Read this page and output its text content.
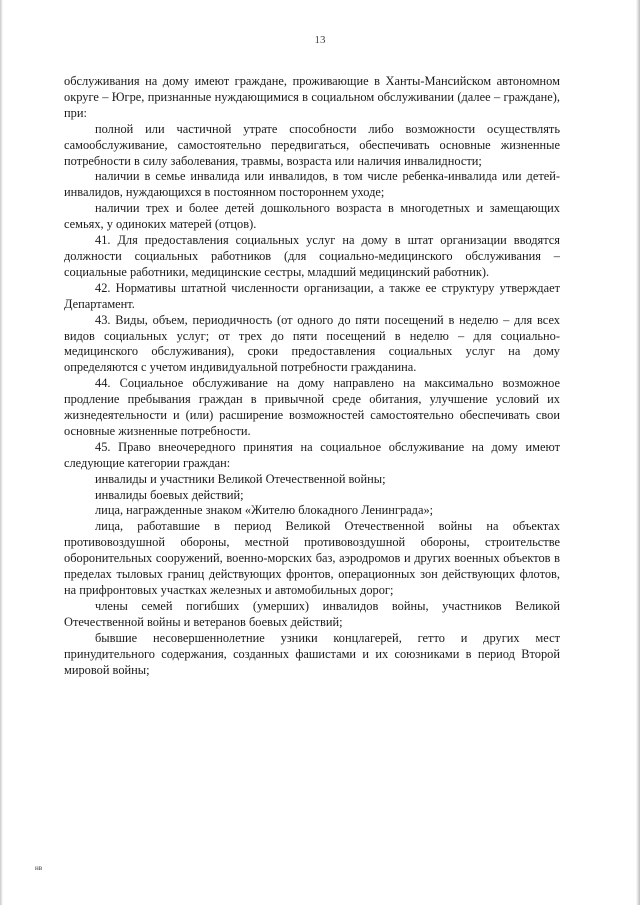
13

обслуживания на дому имеют граждане, проживающие в Ханты-Мансийском автономном округе – Югре, признанные нуждающимися в социальном обслуживании (далее – граждане), при:

полной или частичной утрате способности либо возможности осуществлять самообслуживание, самостоятельно передвигаться, обеспечивать основные жизненные потребности в силу заболевания, травмы, возраста или наличия инвалидности;

наличии в семье инвалида или инвалидов, в том числе ребенка-инвалида или детей-инвалидов, нуждающихся в постоянном постороннем уходе;

наличии трех и более детей дошкольного возраста в многодетных и замещающих семьях, у одиноких матерей (отцов).

41. Для предоставления социальных услуг на дому в штат организации вводятся должности социальных работников (для социально-медицинского обслуживания – социальные работники, медицинские сестры, младший медицинский работник).

42. Нормативы штатной численности организации, а также ее структуру утверждает Департамент.

43. Виды, объем, периодичность (от одного до пяти посещений в неделю – для всех видов социальных услуг; от трех до пяти посещений в неделю – для социально-медицинского обслуживания), сроки предоставления социальных услуг на дому определяются с учетом индивидуальной потребности гражданина.

44. Социальное обслуживание на дому направлено на максимально возможное продление пребывания граждан в привычной среде обитания, улучшение условий их жизнедеятельности и (или) расширение возможностей самостоятельно обеспечивать свои основные жизненные потребности.

45. Право внеочередного принятия на социальное обслуживание на дому имеют следующие категории граждан:

инвалиды и участники Великой Отечественной войны;

инвалиды боевых действий;

лица, награжденные знаком «Жителю блокадного Ленинграда»;

лица, работавшие в период Великой Отечественной войны на объектах противовоздушной обороны, местной противовоздушной обороны, строительстве оборонительных сооружений, военно-морских баз, аэродромов и других военных объектов в пределах тыловых границ действующих фронтов, операционных зон действующих флотов, на прифронтовых участках железных и автомобильных дорог;

члены семей погибших (умерших) инвалидов войны, участников Великой Отечественной войны и ветеранов боевых действий;

бывшие несовершеннолетние узники концлагерей, гетто и других мест принудительного содержания, созданных фашистами и их союзниками в период Второй мировой войны;

нв
